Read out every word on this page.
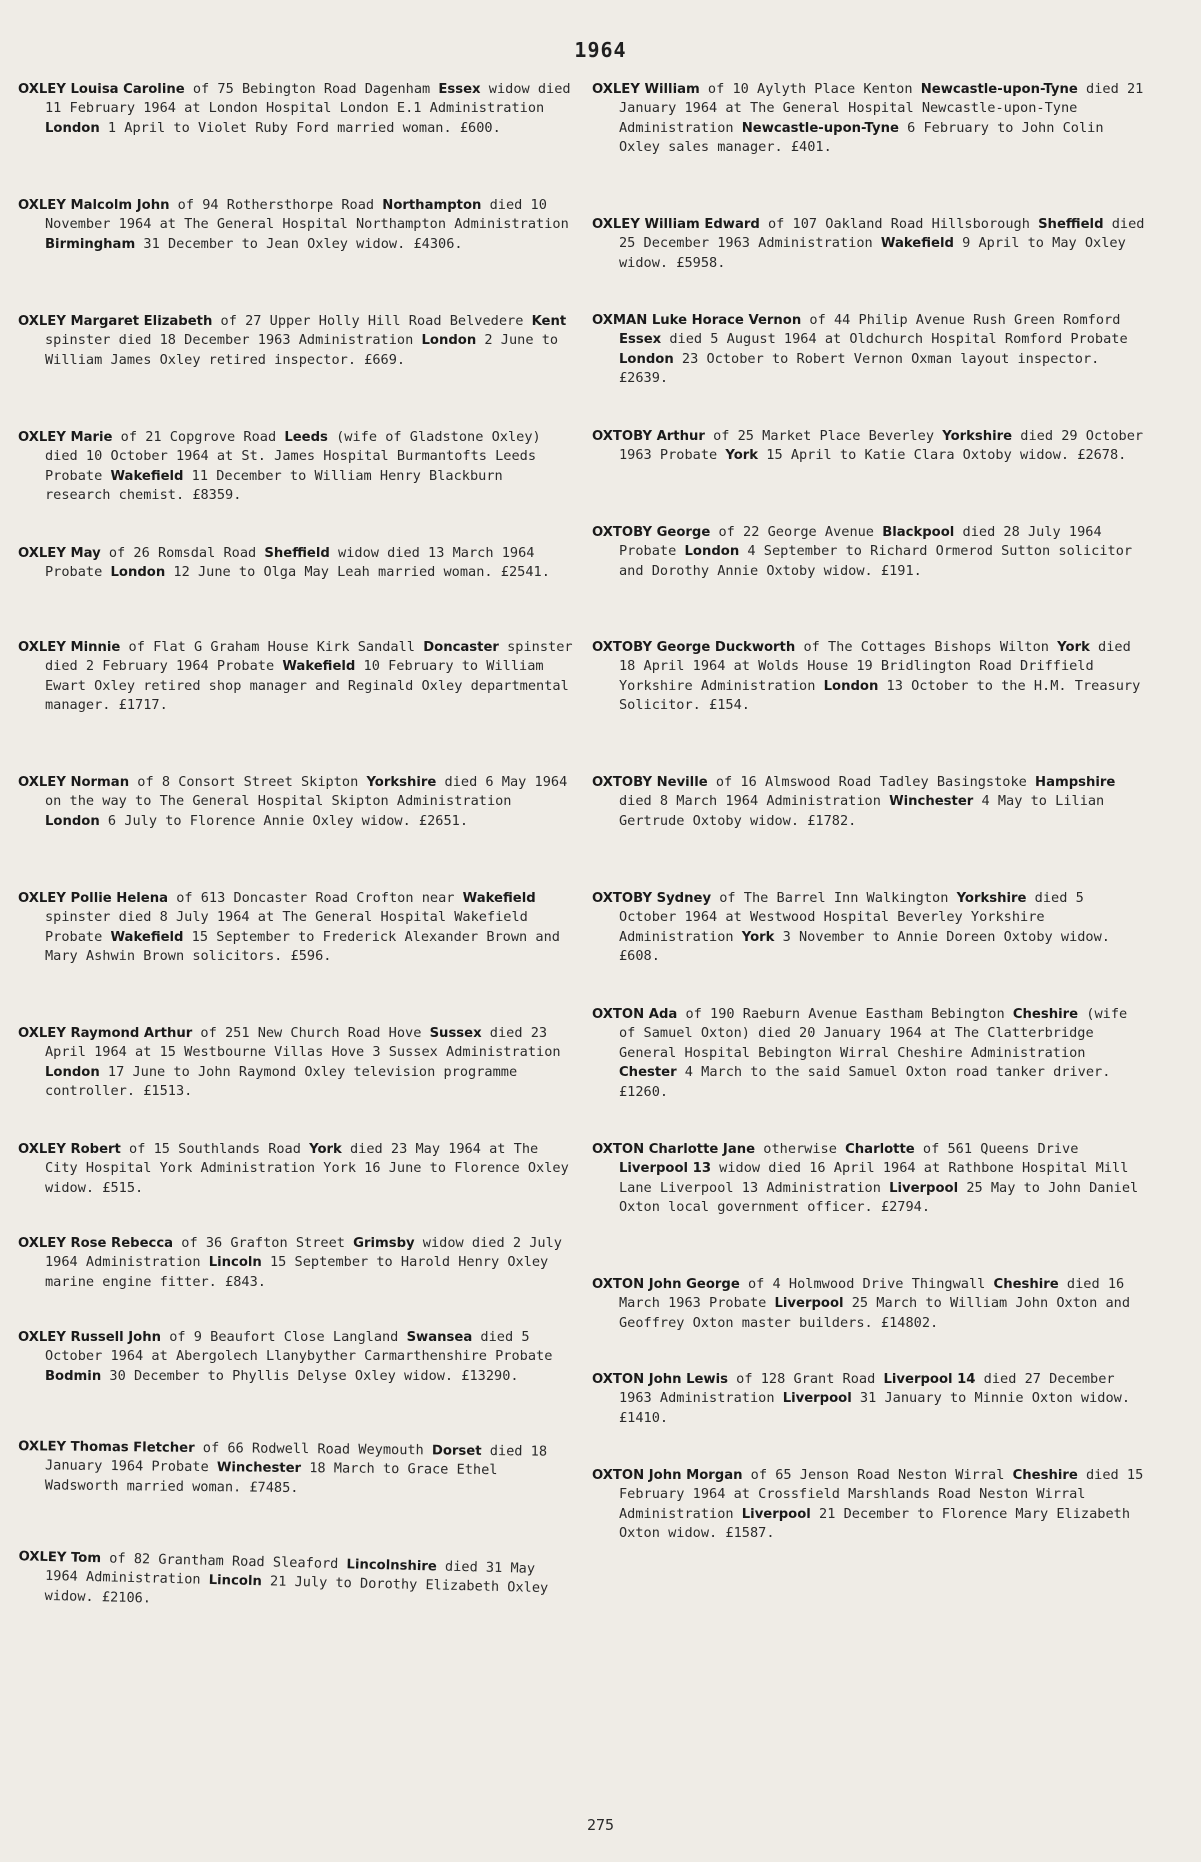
1964
OXLEY Louisa Caroline of 75 Bebington Road Dagenham Essex widow died 11 February 1964 at London Hospital London E.1 Administration London 1 April to Violet Ruby Ford married woman. £600.
OXLEY Malcolm John of 94 Rothersthorpe Road Northampton died 10 November 1964 at The General Hospital Northampton Administration Birmingham 31 December to Jean Oxley widow. £4306.
OXLEY Margaret Elizabeth of 27 Upper Holly Hill Road Belvedere Kent spinster died 18 December 1963 Administration London 2 June to William James Oxley retired inspector. £669.
OXLEY Marie of 21 Copgrove Road Leeds (wife of Gladstone Oxley) died 10 October 1964 at St. James Hospital Burmantofts Leeds Probate Wakefield 11 December to William Henry Blackburn research chemist. £8359.
OXLEY May of 26 Romsdal Road Sheffield widow died 13 March 1964 Probate London 12 June to Olga May Leah married woman. £2541.
OXLEY Minnie of Flat G Graham House Kirk Sandall Doncaster spinster died 2 February 1964 Probate Wakefield 10 February to William Ewart Oxley retired shop manager and Reginald Oxley departmental manager. £1717.
OXLEY Norman of 8 Consort Street Skipton Yorkshire died 6 May 1964 on the way to The General Hospital Skipton Administration London 6 July to Florence Annie Oxley widow. £2651.
OXLEY Pollie Helena of 613 Doncaster Road Crofton near Wakefield spinster died 8 July 1964 at The General Hospital Wakefield Probate Wakefield 15 September to Frederick Alexander Brown and Mary Ashwin Brown solicitors. £596.
OXLEY Raymond Arthur of 251 New Church Road Hove Sussex died 23 April 1964 at 15 Westbourne Villas Hove 3 Sussex Administration London 17 June to John Raymond Oxley television programme controller. £1513.
OXLEY Robert of 15 Southlands Road York died 23 May 1964 at The City Hospital York Administration York 16 June to Florence Oxley widow. £515.
OXLEY Rose Rebecca of 36 Grafton Street Grimsby widow died 2 July 1964 Administration Lincoln 15 September to Harold Henry Oxley marine engine fitter. £843.
OXLEY Russell John of 9 Beaufort Close Langland Swansea died 5 October 1964 at Abergolech Llanybyther Carmarthenshire Probate Bodmin 30 December to Phyllis Delyse Oxley widow. £13290.
OXLEY Thomas Fletcher of 66 Rodwell Road Weymouth Dorset died 18 January 1964 Probate Winchester 18 March to Grace Ethel Wadsworth married woman. £7485.
OXLEY Tom of 82 Grantham Road Sleaford Lincolnshire died 31 May 1964 Administration Lincoln 21 July to Dorothy Elizabeth Oxley widow. £2106.
OXLEY William of 10 Aylyth Place Kenton Newcastle-upon-Tyne died 21 January 1964 at The General Hospital Newcastle-upon-Tyne Administration Newcastle-upon-Tyne 6 February to John Colin Oxley sales manager. £401.
OXLEY William Edward of 107 Oakland Road Hillsborough Sheffield died 25 December 1963 Administration Wakefield 9 April to May Oxley widow. £5958.
OXMAN Luke Horace Vernon of 44 Philip Avenue Rush Green Romford Essex died 5 August 1964 at Oldchurch Hospital Romford Probate London 23 October to Robert Vernon Oxman layout inspector. £2639.
OXTOBY Arthur of 25 Market Place Beverley Yorkshire died 29 October 1963 Probate York 15 April to Katie Clara Oxtoby widow. £2678.
OXTOBY George of 22 George Avenue Blackpool died 28 July 1964 Probate London 4 September to Richard Ormerod Sutton solicitor and Dorothy Annie Oxtoby widow. £191.
OXTOBY George Duckworth of The Cottages Bishops Wilton York died 18 April 1964 at Wolds House 19 Bridlington Road Driffield Yorkshire Administration London 13 October to the H.M. Treasury Solicitor. £154.
OXTOBY Neville of 16 Almswood Road Tadley Basingstoke Hampshire died 8 March 1964 Administration Winchester 4 May to Lilian Gertrude Oxtoby widow. £1782.
OXTOBY Sydney of The Barrel Inn Walkington Yorkshire died 5 October 1964 at Westwood Hospital Beverley Yorkshire Administration York 3 November to Annie Doreen Oxtoby widow. £608.
OXTON Ada of 190 Raeburn Avenue Eastham Bebington Cheshire (wife of Samuel Oxton) died 20 January 1964 at The Clatterbridge General Hospital Bebington Wirral Cheshire Administration Chester 4 March to the said Samuel Oxton road tanker driver. £1260.
OXTON Charlotte Jane otherwise Charlotte of 561 Queens Drive Liverpool 13 widow died 16 April 1964 at Rathbone Hospital Mill Lane Liverpool 13 Administration Liverpool 25 May to John Daniel Oxton local government officer. £2794.
OXTON John George of 4 Holmwood Drive Thingwall Cheshire died 16 March 1963 Probate Liverpool 25 March to William John Oxton and Geoffrey Oxton master builders. £14802.
OXTON John Lewis of 128 Grant Road Liverpool 14 died 27 December 1963 Administration Liverpool 31 January to Minnie Oxton widow. £1410.
OXTON John Morgan of 65 Jenson Road Neston Wirral Cheshire died 15 February 1964 at Crossfield Marshlands Road Neston Wirral Administration Liverpool 21 December to Florence Mary Elizabeth Oxton widow. £1587.
275
